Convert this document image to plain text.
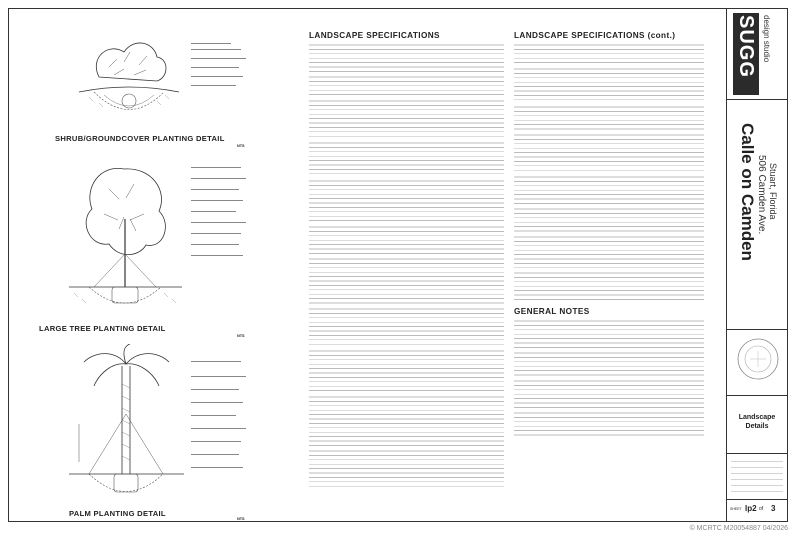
SHRUB/GROUNDCOVER PLANTING DETAIL
NTS
LARGE TREE PLANTING DETAIL
NTS
PALM PLANTING DETAIL
NTS
LANDSCAPE SPECIFICATIONS	LANDSCAPE SPECIFICATIONS (cont.)
GENERAL NOTES
SUGG design studio
Calle on Camden 506 Camden Ave. Stuart, Florida
Landscape Details
SHEET lp2 of 3
© MCRTC M20054887 04/2026
